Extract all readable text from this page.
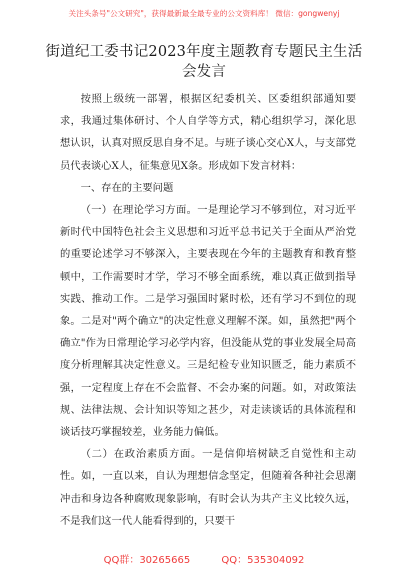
关注头条号"公文研究"，获得最新最全最专业的公文资料库！ 微信：gongwenyj
街道纪工委书记2023年度主题教育专题民主生活会发言

按照上级统一部署，根据区纪委机关、区委组织部通知要求，我通过集体研讨、个人自学等方式，精心组织学习，深化思想认识，认真对照反思自身不足。与班子谈心交心X人，与支部党员代表谈心X人，征集意见X条。形成如下发言材料：

一、存在的主要问题

（一）在理论学习方面。一是理论学习不够到位，对习近平新时代中国特色社会主义思想和习近平总书记关于全面从严治党的重要论述学习不够深入，主要表现在今年的主题教育和教育整顿中，工作需要时才学，学习不够全面系统，难以真正做到指导实践、推动工作。二是学习强国时紧时松，还有学习不到位的现象。二是对"两个确立"的决定性意义理解不深。如，虽然把"两个确立"作为日常理论学习必学内容，但没能从党的事业发展全局高度分析理解其决定性意义。三是纪检专业知识匮乏，能力素质不强，一定程度上存在不会监督、不会办案的问题。如，对政策法规、法律法规、会计知识等知之甚少，对走读谈话的具体流程和谈话技巧掌握较差，业务能力偏低。

（二）在政治素质方面。一是信仰培树缺乏自觉性和主动性。如，一直以来，自认为理想信念坚定，但随着各种社会思潮冲击和身边各种腐败现象影响，有时会认为共产主义比较久远，不是我们这一代人能看得到的，只要干

QQ群：30265665	QQ：535304092
